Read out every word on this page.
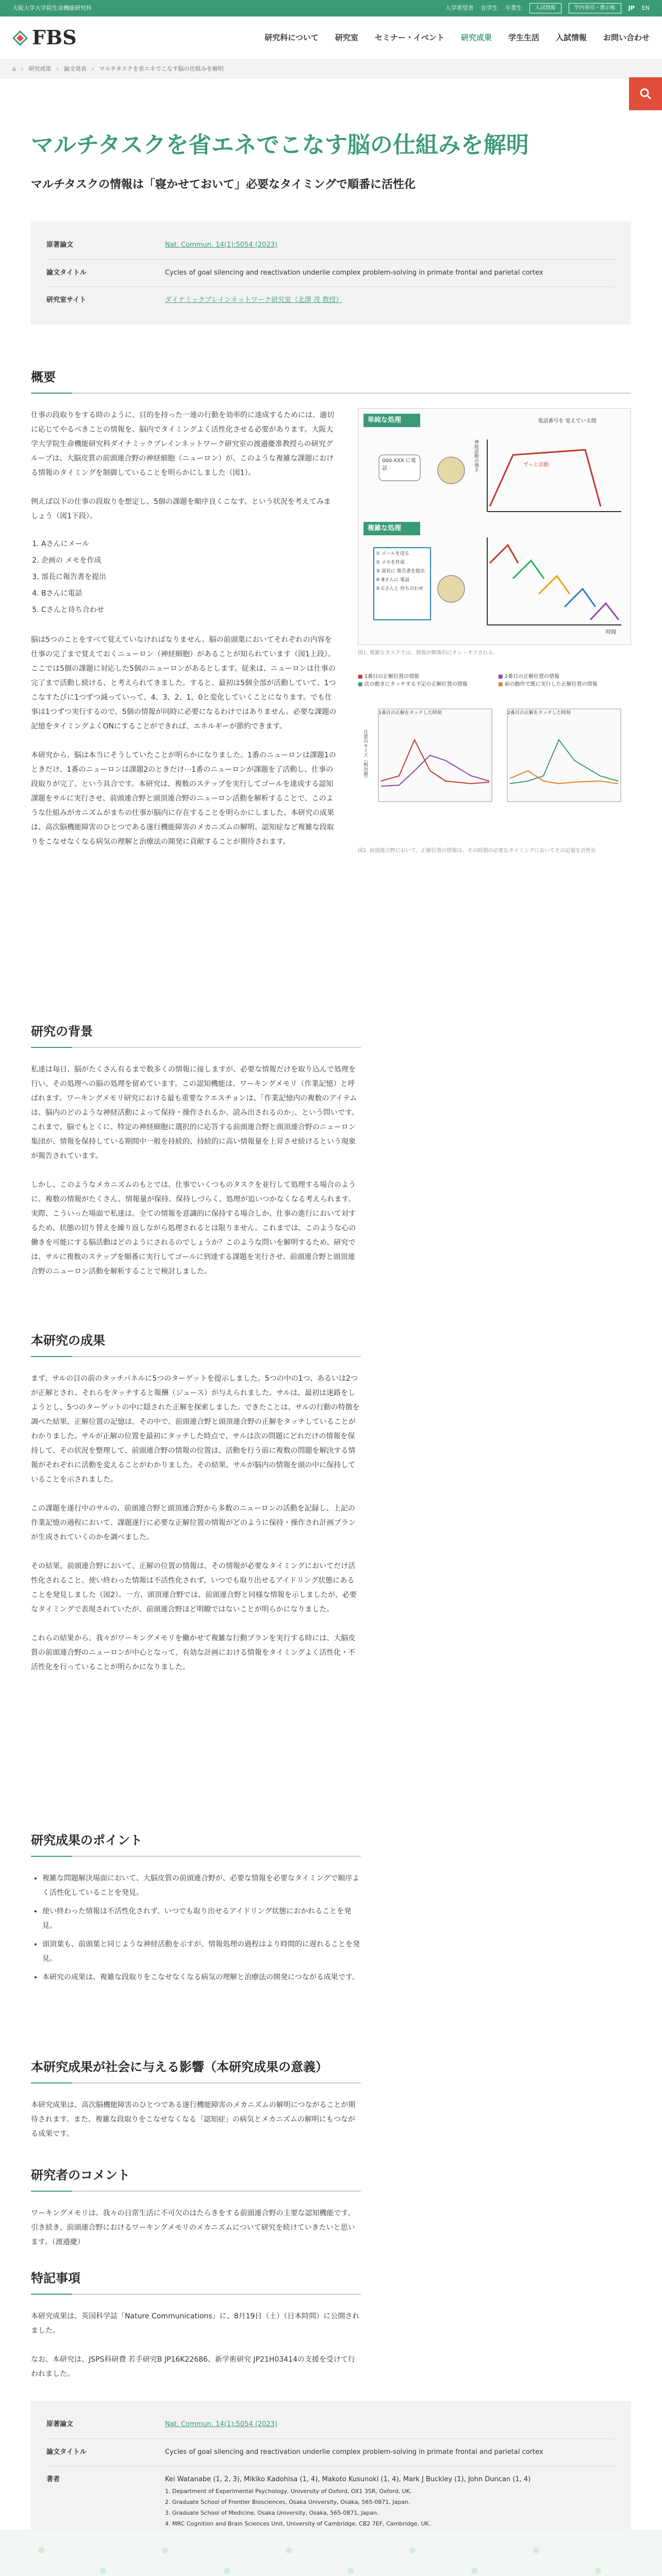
大阪大学大学院生命機能研究科	入学希望者 在学生 卒業生	入試情報	学内専用・教示板	JP EN
FBS	研究科について 研究室 セミナー・イベント 研究成果 学生生活 入試情報 お問い合わせ
⌂ › 研究成果 › 論文発表 › マルチタスクを省エネでこなす脳の仕組みを解明
マルチタスクを省エネでこなす脳の仕組みを解明
マルチタスクの情報は「寝かせておいて」必要なタイミングで順番に活性化
原著論文	Nat. Commun. 14(1):5054 (2023)
論文タイトル	Cycles of goal silencing and reactivation underlie complex problem-solving in primate frontal and parietal cortex
研究室サイト	ダイナミックブレインネットワーク研究室（北澤 茂 教授）
概要

仕事の段取りをする時のように、目的を持った一連の行動を効率的に達成するためには、適切に応じてやるべきことの情報を、脳内でタイミングよく活性化させる必要があります。大阪大学大学院生命機能研究科ダイナミックブレインネットワーク研究室の渡邉慶准教授らの研究グループは、大脳皮質の前頭連合野の神経細胞（ニューロン）が、このような複雑な課題における情報のタイミングを制御していることを明らかにしました（図1）。

例えば以下の仕事の段取りを想定し、5個の課題を順序良くこなす、という状況を考えてみましょう（図1下段）。

1. Aさんにメール
2. 企画の メモを作成
3. 部長に報告書を提出
4. Bさんに電話
5. Cさんと待ち合わせ

脳は5つのことをすべて覚えていなければなりません。脳の前頭葉においてそれぞれの内容を仕事の完了まで覚えておくニューロン（神経細胞）があることが知られています（図1上段）。ここでは5個の課題に対応した5個のニューロンがあるとします。従来は、ニューロンは仕事の完了まで活動し続ける、と考えられてきました。すると、最初は5個全部が活動していて、1つこなすたびに1つずつ減っていって、4、3、2、1、0と変化していくことになります。でも仕事は1つずつ実行するので、5個の情報が同時に必要になるわけではありません。必要な課題の記憶をタイミングよくONにすることができれば、エネルギーが節約できます。

本研究から、脳は本当にそうしていたことが明らかになりました。1番のニューロンは課題1のときだけ、1番のニューロンは課題2のときだけ⋯1番のニューロンが課題を了活動し、仕事の段取りが完了、という具合です。本研究は、複数のステップを実行してゴールを達成する認知課題をサルに実行させ、前頭連合野と頭頂連合野のニューロン活動を解析することで、このような仕組みがカニズムがまちの仕事が脳内に存在することを明らかにしました。本研究の成果は、高次脳機能障害のひとつである遂行機能障害のメカニズムの解明、認知症など複雑な段取りをこなせなくなる病気の理解と治療法の開発に貢献することが期待されます。

単純な処理
複雑な処理
000-XXX に電話
電話番号を 覚えている間
ずっと活動
神経活動の強さ
時間
① メールを送る
② メモを作成
③ 部長に 報告書を提出
④ Bさんに 電話
⑤ Cさんと 待ち合わせ
図1. 複雑なタスクでは、情報が順番的にオン・オフされる。
■ 1番目の正解位置の情報
■ 次の動きにタッチする予定の正解位置の情報
■ 2番目の正解位置の情報
■ 前の動作で既に実行した正解位置の情報
1番目の正解をタッチした時刻	2番目の正解をタッチした時刻
注意のサイズ（相対値）
図2. 前頭連合野において、正解位置の情報は、その時期の必要なタイミングにおいてその記憶を活性化
研究の背景

私達は毎日、脳がたくさん有るまで数多くの情報に接しますが、必要な情報だけを取り込んで処理を行い、その処理への脳の処理を留めています。この認知機能は、ワーキングメモリ（作業記憶）と呼ばれます。ワーキングメモリ研究における最も重要なクエスチョンは、「作業記憶内の複数のアイテムは、脳内のどのような神経活動によって保持・操作されるか、読み出されるのか」、という問いです。これまで、脳でもとくに、特定の神経細胞に選択的に応答する前頭連合野と頭頂連合野のニューロン集団が、情報を保持している期間中一般を持続的、持続的に高い情報量を上昇させ続けるという現象が報告されています。

しかし、このようなメカニズムのもとでは、仕事でいくつものタスクを並行して処理する場合のように、複数の情報がたくさん、情報量が保持、保持しづらく、処理が追いつかなくなる考えられます。実際、こういった場面で私達は、全ての情報を意識的に保持する場合しか、仕事の進行において対するため、状態の切り替えを繰り返しながら処理されるとは限りません。これまでは、このような心の働きを可能にする脳活動はどのようにされるのでしょうか？このような問いを解明するため、研究では、サルに複数のステップを順番に実行してゴールに到達する課題を実行させ、前頭連合野と頭頂連合野のニューロン活動を解析することで検討しました。

本研究の成果

まず、サルの目の前のタッチパネルに5つのターゲットを提示しました。5つの中の1つ、あるいは2つが正解とされ、それらをタッチすると報酬（ジュース）が与えられました。サルは、最初は迷路をしようとし、5つのターゲットの中に隠された正解を探索しました。できたことは、サルの行動の特徴を調べた結果、正解位置の記憶は、その中で、前頭連合野と頭頂連合野の正解をタッチしていることがわかりました。サルが正解の位置を最初にタッチした時点で、サルは次の問題にどれだけの情報を保持して、その状況を整理して、前頭連合野の情報の位置は、活動を行う前に複数の問題を解決する情報がそれぞれに活動を変えることがわかりました。その結果、サルが脳内の情報を頭の中に保持していることを示されました。

この課題を遂行中のサルの、前頭連合野と頭頂連合野から多数のニューロンの活動を記録し、上記の作業記憶の過程において、課題遂行に必要な正解位置の情報がどのように保持・操作され計画プランが生成されていくのかを調べました。

その結果、前頭連合野において、正解の位置の情報は、その情報が必要なタイミングにおいてだけ活性化されること、使い終わった情報は不活性化されず、いつでも取り出せるアイドリング状態にあることを発見しました（図2）。一方、頭頂連合野では、前頭連合野と同様な情報を示しましたが、必要なタイミングで表現されていたが、前頭連合野ほど明瞭ではないことが明らかになりました。

これらの結果から、我々がワーキングメモリを働かせて複雑な行動プランを実行する時には、大脳皮質の前頭連合野のニューロンが中心となって、有効な計画における情報をタイミングよく活性化・不活性化を行っていることが明らかになりました。

研究成果のポイント
• 複雑な問題解決場面において、大脳皮質の前頭連合野が、必要な情報を必要なタイミングで順序よく活性化していることを発見。
• 使い終わった情報は不活性化されず、いつでも取り出せるアイドリング状態におかれることを発見。
• 頭頂葉も、前頭葉と同じような神経活動を示すが、情報処理の過程はより時間的に遅れることを発見。
• 本研究の成果は、複雑な段取りをこなせなくなる病気の理解と治療法の開発につながる成果です。
本研究成果が社会に与える影響（本研究成果の意義）

本研究成果は、高次脳機能障害のひとつである遂行機能障害のメカニズムの解明につながることが期待されます。また、複雑な段取りをこなせなくなる「認知症」の病気とメカニズムの解明にもつながる成果です。

研究者のコメント

ワーキングメモリは、我々の日常生活に不可欠のはたらきをする前頭連合野の主要な認知機能です。引き続き、前頭連合野におけるワーキングメモリのメカニズムについて研究を続けていきたいと思います。（渡邉慶）

特記事項

本研究成果は、英国科学誌「Nature Communications」に、8月19日（土）（日本時間）に公開されました。

なお、本研究は、JSPS科研費 若手研究B JP16K22686、新学術研究 JP21H03414の支援を受けて行われました。

原著論文	Nat. Commun. 14(1):5054 (2023)
論文タイトル	Cycles of goal silencing and reactivation underlie complex problem-solving in primate frontal and parietal cortex
著者	Kei Watanabe (1, 2, 3), Mikiko Kadohisa (1, 4), Makoto Kusunoki (1, 4), Mark J Buckley (1), John Duncan (1, 4)
1. Department of Experimental Psychology, University of Oxford, OX1 3SR, Oxford, UK.
2. Graduate School of Frontier Biosciences, Osaka University, Osaka, 565-0871, Japan.
3. Graduate School of Medicine, Osaka University, Osaka, 565-0871, Japan.
4. MRC Cognition and Brain Sciences Unit, University of Cambridge, CB2 7EF, Cambridge, UK.
